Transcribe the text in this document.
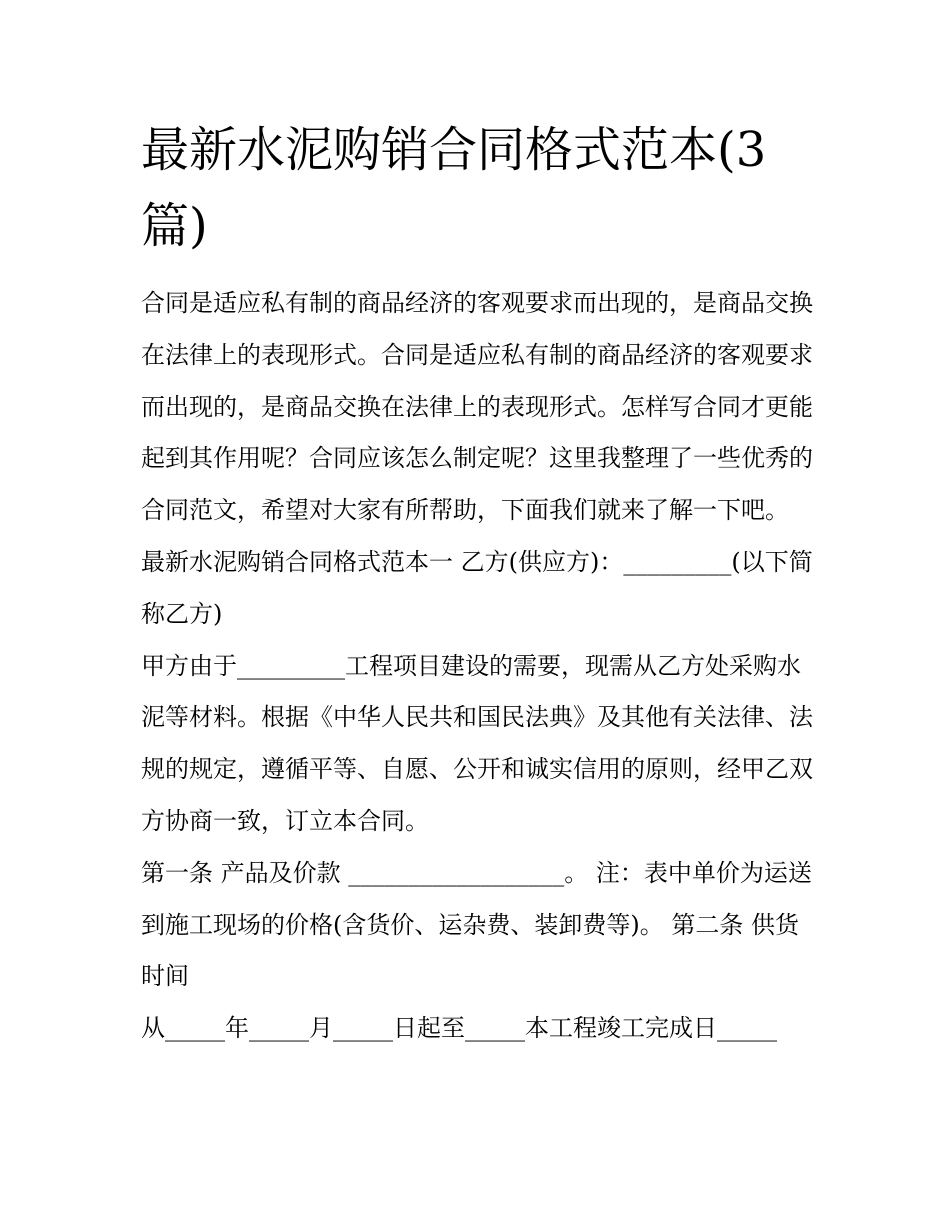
最新水泥购销合同格式范本(3篇)

合同是适应私有制的商品经济的客观要求而出现的，是商品交换在法律上的表现形式。合同是适应私有制的商品经济的客观要求而出现的，是商品交换在法律上的表现形式。怎样写合同才更能起到其作用呢？合同应该怎么制定呢？这里我整理了一些优秀的合同范文，希望对大家有所帮助，下面我们就来了解一下吧。

最新水泥购销合同格式范本一 乙方(供应方)：_________(以下简称乙方)

甲方由于_________工程项目建设的需要，现需从乙方处采购水泥等材料。根据《中华人民共和国民法典》及其他有关法律、法规的规定，遵循平等、自愿、公开和诚实信用的原则，经甲乙双方协商一致，订立本合同。

第一条 产品及价款 __________________。 注：表中单价为运送到施工现场的价格(含货价、运杂费、装卸费等)。 第二条 供货时间

从_____年_____月_____日起至_____本工程竣工完成日_____
